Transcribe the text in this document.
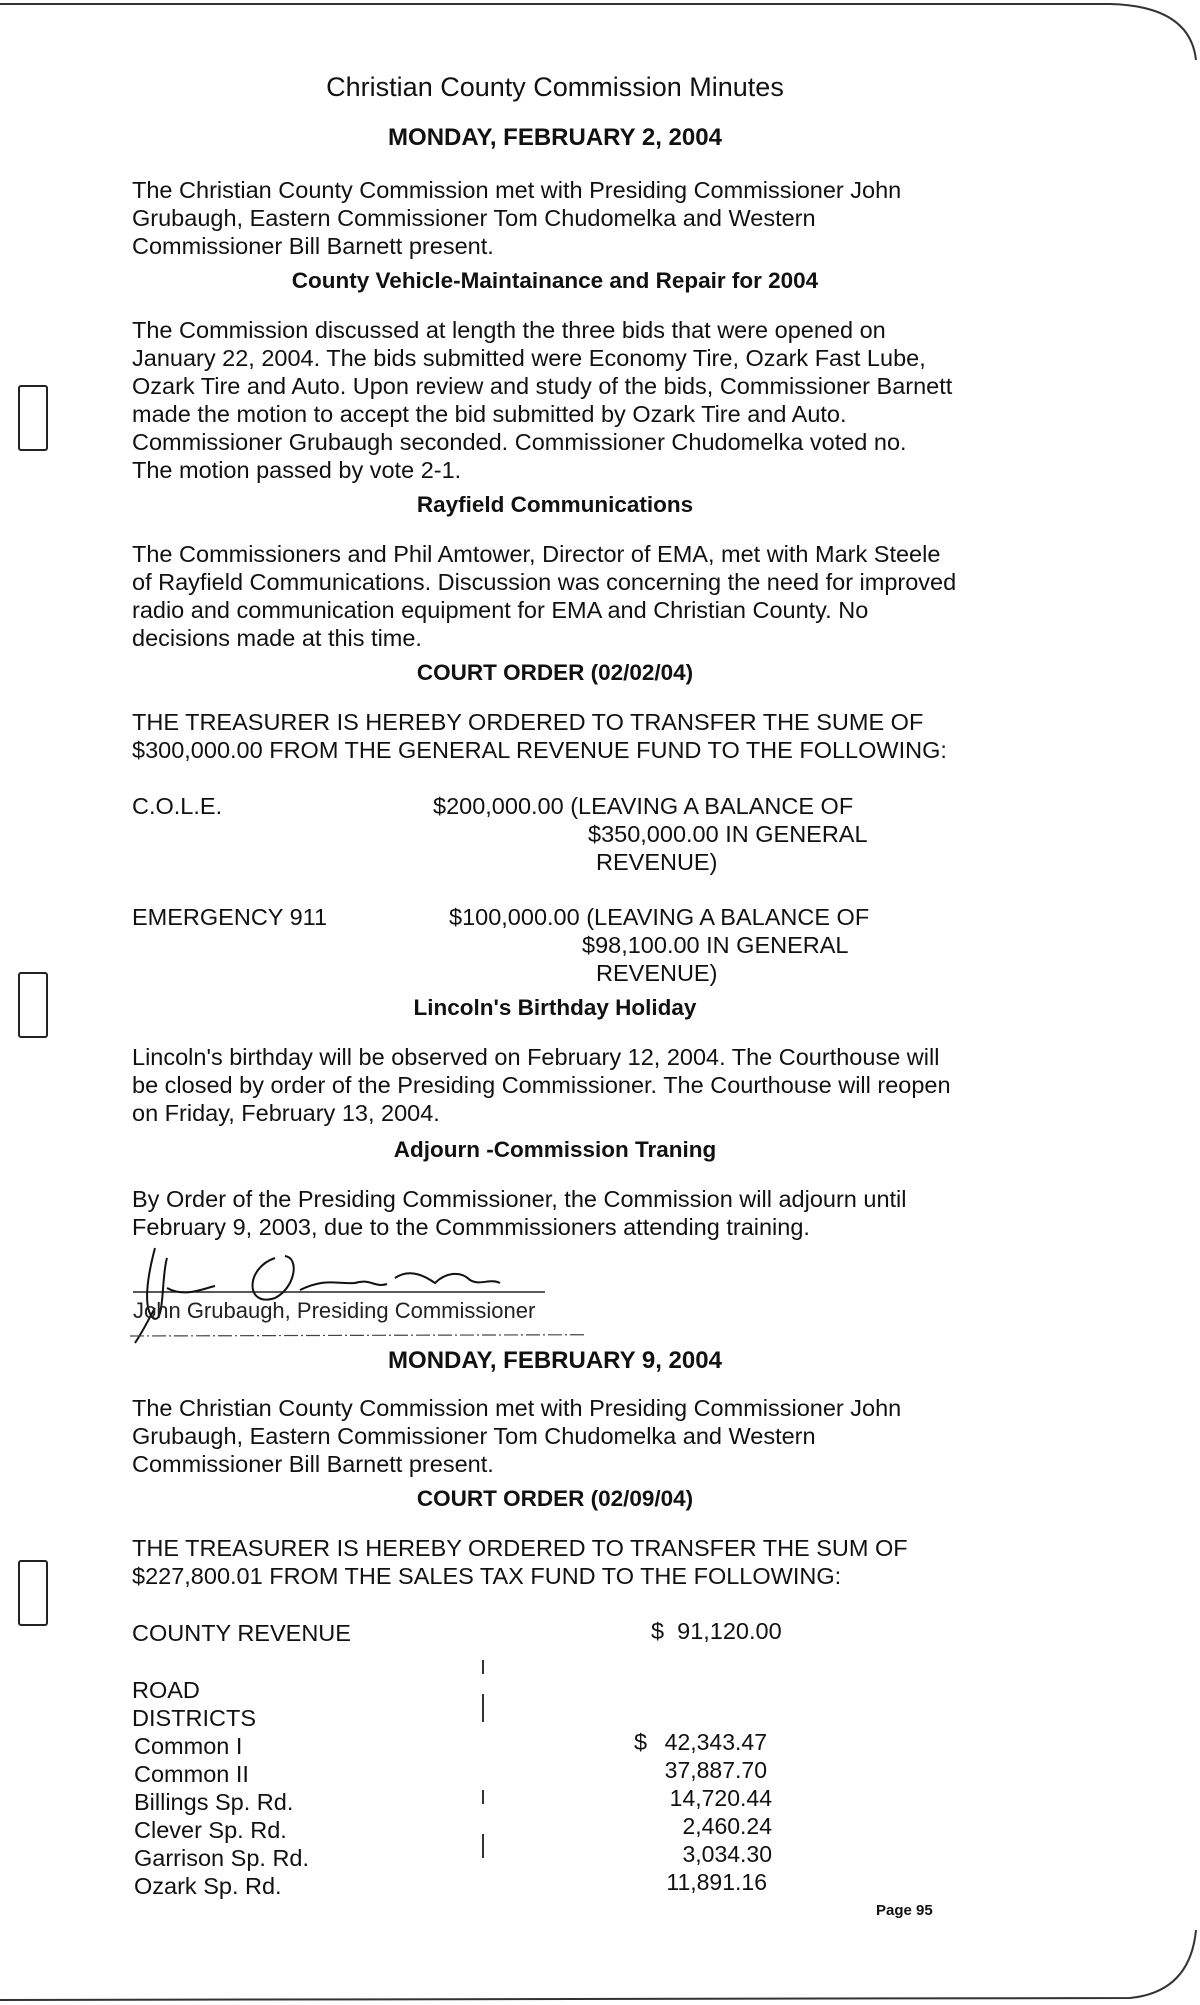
Christian County Commission Minutes
MONDAY, FEBRUARY 2, 2004
The Christian County Commission met with Presiding Commissioner John
Grubaugh, Eastern Commissioner Tom Chudomelka and Western
Commissioner Bill Barnett present.
County Vehicle-Maintainance and Repair for 2004
The Commission discussed at length the three bids that were opened on
January 22, 2004. The bids submitted were Economy Tire, Ozark Fast Lube,
Ozark Tire and Auto. Upon review and study of the bids, Commissioner Barnett
made the motion to accept the bid submitted by Ozark Tire and Auto.
Commissioner Grubaugh seconded. Commissioner Chudomelka voted no.
The motion passed by vote 2-1.
Rayfield Communications
The Commissioners and Phil Amtower, Director of EMA, met with Mark Steele
of Rayfield Communications. Discussion was concerning the need for improved
radio and communication equipment for EMA and Christian County. No
decisions made at this time.
COURT ORDER (02/02/04)
THE TREASURER IS HEREBY ORDERED TO TRANSFER THE SUME OF
$300,000.00 FROM THE GENERAL REVENUE FUND TO THE FOLLOWING:
C.O.L.E.	$200,000.00 (LEAVING A BALANCE OF
$350,000.00 IN GENERAL
REVENUE)
EMERGENCY 911	$100,000.00 (LEAVING A BALANCE OF
$98,100.00 IN GENERAL
REVENUE)
Lincoln's Birthday Holiday
Lincoln's birthday will be observed on February 12, 2004. The Courthouse will
be closed by order of the Presiding Commissioner. The Courthouse will reopen
on Friday, February 13, 2004.
Adjourn -Commission Traning
By Order of the Presiding Commissioner, the Commission will adjourn until
February 9, 2003, due to the Commmissioners attending training.
John Grubaugh, Presiding Commissioner
MONDAY, FEBRUARY 9, 2004
The Christian County Commission met with Presiding Commissioner John
Grubaugh, Eastern Commissioner Tom Chudomelka and Western
Commissioner Bill Barnett present.
COURT ORDER (02/09/04)
THE TREASURER IS HEREBY ORDERED TO TRANSFER THE SUM OF
$227,800.01 FROM THE SALES TAX FUND TO THE FOLLOWING:
COUNTY REVENUE	$  91,120.00
ROAD
DISTRICTS
Common I	$ 42,343.47
Common II	37,887.70
Billings Sp. Rd.	14,720.44
Clever Sp. Rd.	2,460.24
Garrison Sp. Rd.	3,034.30
Ozark Sp. Rd.	11,891.16
Page 95
